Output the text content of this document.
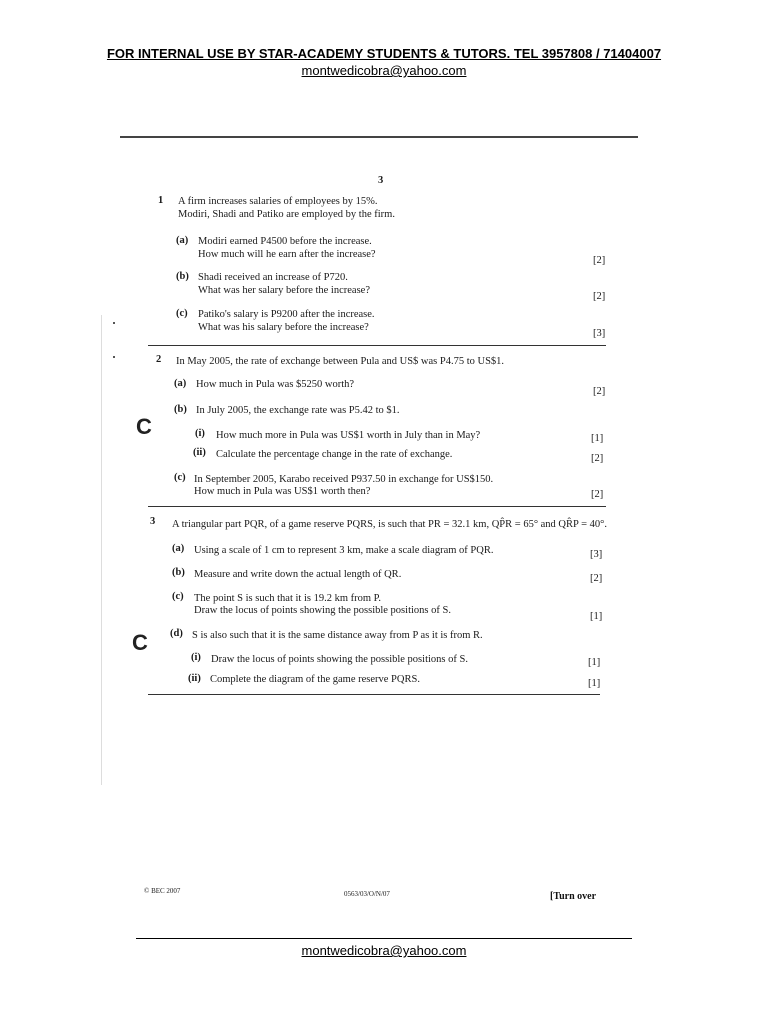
FOR INTERNAL USE BY STAR-ACADEMY STUDENTS & TUTORS. TEL 3957808 / 71404007
montwedicobra@yahoo.com
3
1 A firm increases salaries of employees by 15%.
Modiri, Shadi and Patiko are employed by the firm.
(a) Modiri earned P4500 before the increase.
How much will he earn after the increase?
[2]
(b) Shadi received an increase of P720.
What was her salary before the increase?
[2]
(c) Patiko's salary is P9200 after the increase.
What was his salary before the increase?
[3]
2 In May 2005, the rate of exchange between Pula and US$ was P4.75 to US$1.
(a) How much in Pula was $5250 worth?
[2]
(b) In July 2005, the exchange rate was P5.42 to $1.
C	(i) How much more in Pula was US$1 worth in July than in May?	[1]
(ii) Calculate the percentage change in the rate of exchange.	[2]
(c) In September 2005, Karabo received P937.50 in exchange for US$150.
How much in Pula was US$1 worth then?	[2]
3 A triangular part PQR, of a game reserve PQRS, is such that PR = 32.1 km, QP̂R = 65° and QR̂P = 40°.
(a) Using a scale of 1 cm to represent 3 km, make a scale diagram of PQR.	[3]
(b) Measure and write down the actual length of QR.	[2]
(c) The point S is such that it is 19.2 km from P.
Draw the locus of points showing the possible positions of S.
[1]
C (d) S is also such that it is the same distance away from P as it is from R.
(i) Draw the locus of points showing the possible positions of S.	[1]
(ii) Complete the diagram of the game reserve PQRS.	[1]
© BEC 2007	0563/03/O/N/07	[Turn over
montwedicobra@yahoo.com
